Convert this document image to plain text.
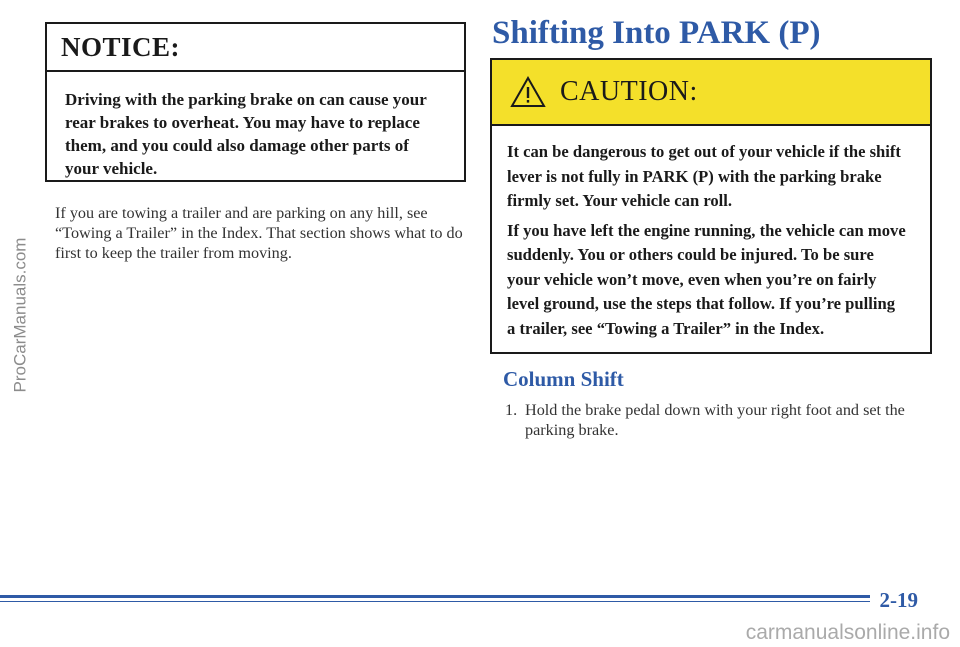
ProCarManuals.com
NOTICE:
Driving with the parking brake on can cause your rear brakes to overheat. You may have to replace them, and you could also damage other parts of your vehicle.
If you are towing a trailer and are parking on any hill, see “Towing a Trailer” in the Index. That section shows what to do first to keep the trailer from moving.
Shifting Into PARK (P)
CAUTION:

It can be dangerous to get out of your vehicle if the shift lever is not fully in PARK (P) with the parking brake firmly set. Your vehicle can roll.

If you have left the engine running, the vehicle can move suddenly. You or others could be injured. To be sure your vehicle won’t move, even when you’re on fairly level ground, use the steps that follow. If you’re pulling a trailer, see “Towing a Trailer” in the Index.

Column Shift
1. Hold the brake pedal down with your right foot and set the parking brake.
2-19
carmanualsonline.info
